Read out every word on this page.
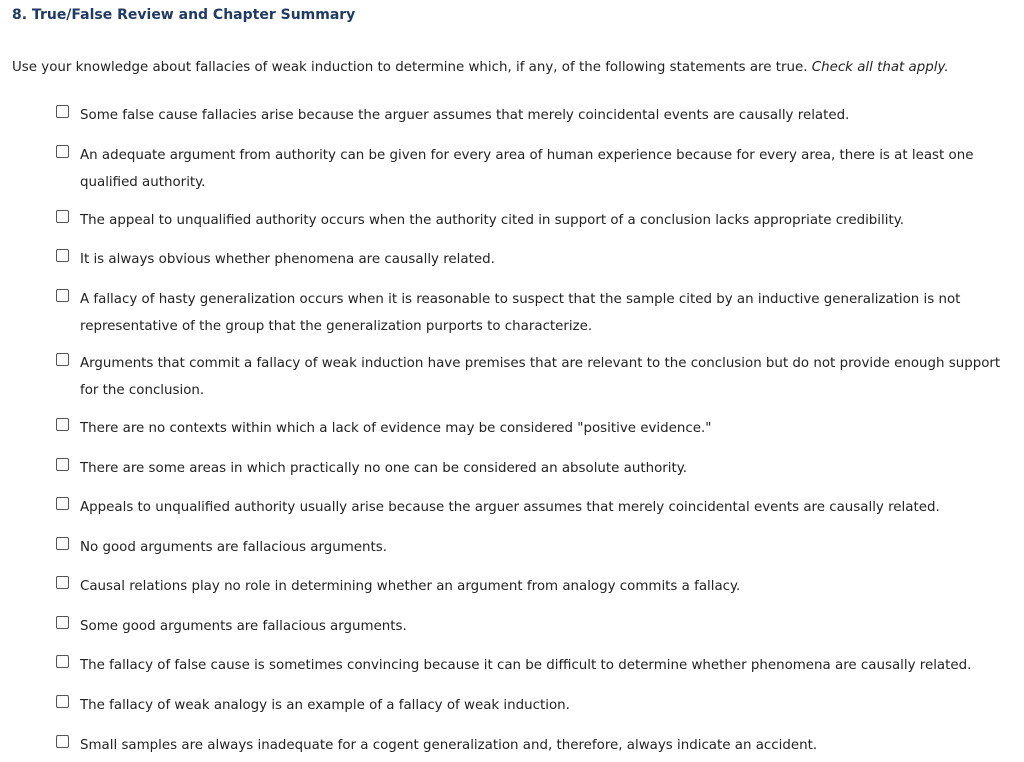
8. True/False Review and Chapter Summary
Use your knowledge about fallacies of weak induction to determine which, if any, of the following statements are true. Check all that apply.
Some false cause fallacies arise because the arguer assumes that merely coincidental events are causally related.
An adequate argument from authority can be given for every area of human experience because for every area, there is at least one qualified authority.
The appeal to unqualified authority occurs when the authority cited in support of a conclusion lacks appropriate credibility.
It is always obvious whether phenomena are causally related.
A fallacy of hasty generalization occurs when it is reasonable to suspect that the sample cited by an inductive generalization is not representative of the group that the generalization purports to characterize.
Arguments that commit a fallacy of weak induction have premises that are relevant to the conclusion but do not provide enough support for the conclusion.
There are no contexts within which a lack of evidence may be considered "positive evidence."
There are some areas in which practically no one can be considered an absolute authority.
Appeals to unqualified authority usually arise because the arguer assumes that merely coincidental events are causally related.
No good arguments are fallacious arguments.
Causal relations play no role in determining whether an argument from analogy commits a fallacy.
Some good arguments are fallacious arguments.
The fallacy of false cause is sometimes convincing because it can be difficult to determine whether phenomena are causally related.
The fallacy of weak analogy is an example of a fallacy of weak induction.
Small samples are always inadequate for a cogent generalization and, therefore, always indicate an accident.
